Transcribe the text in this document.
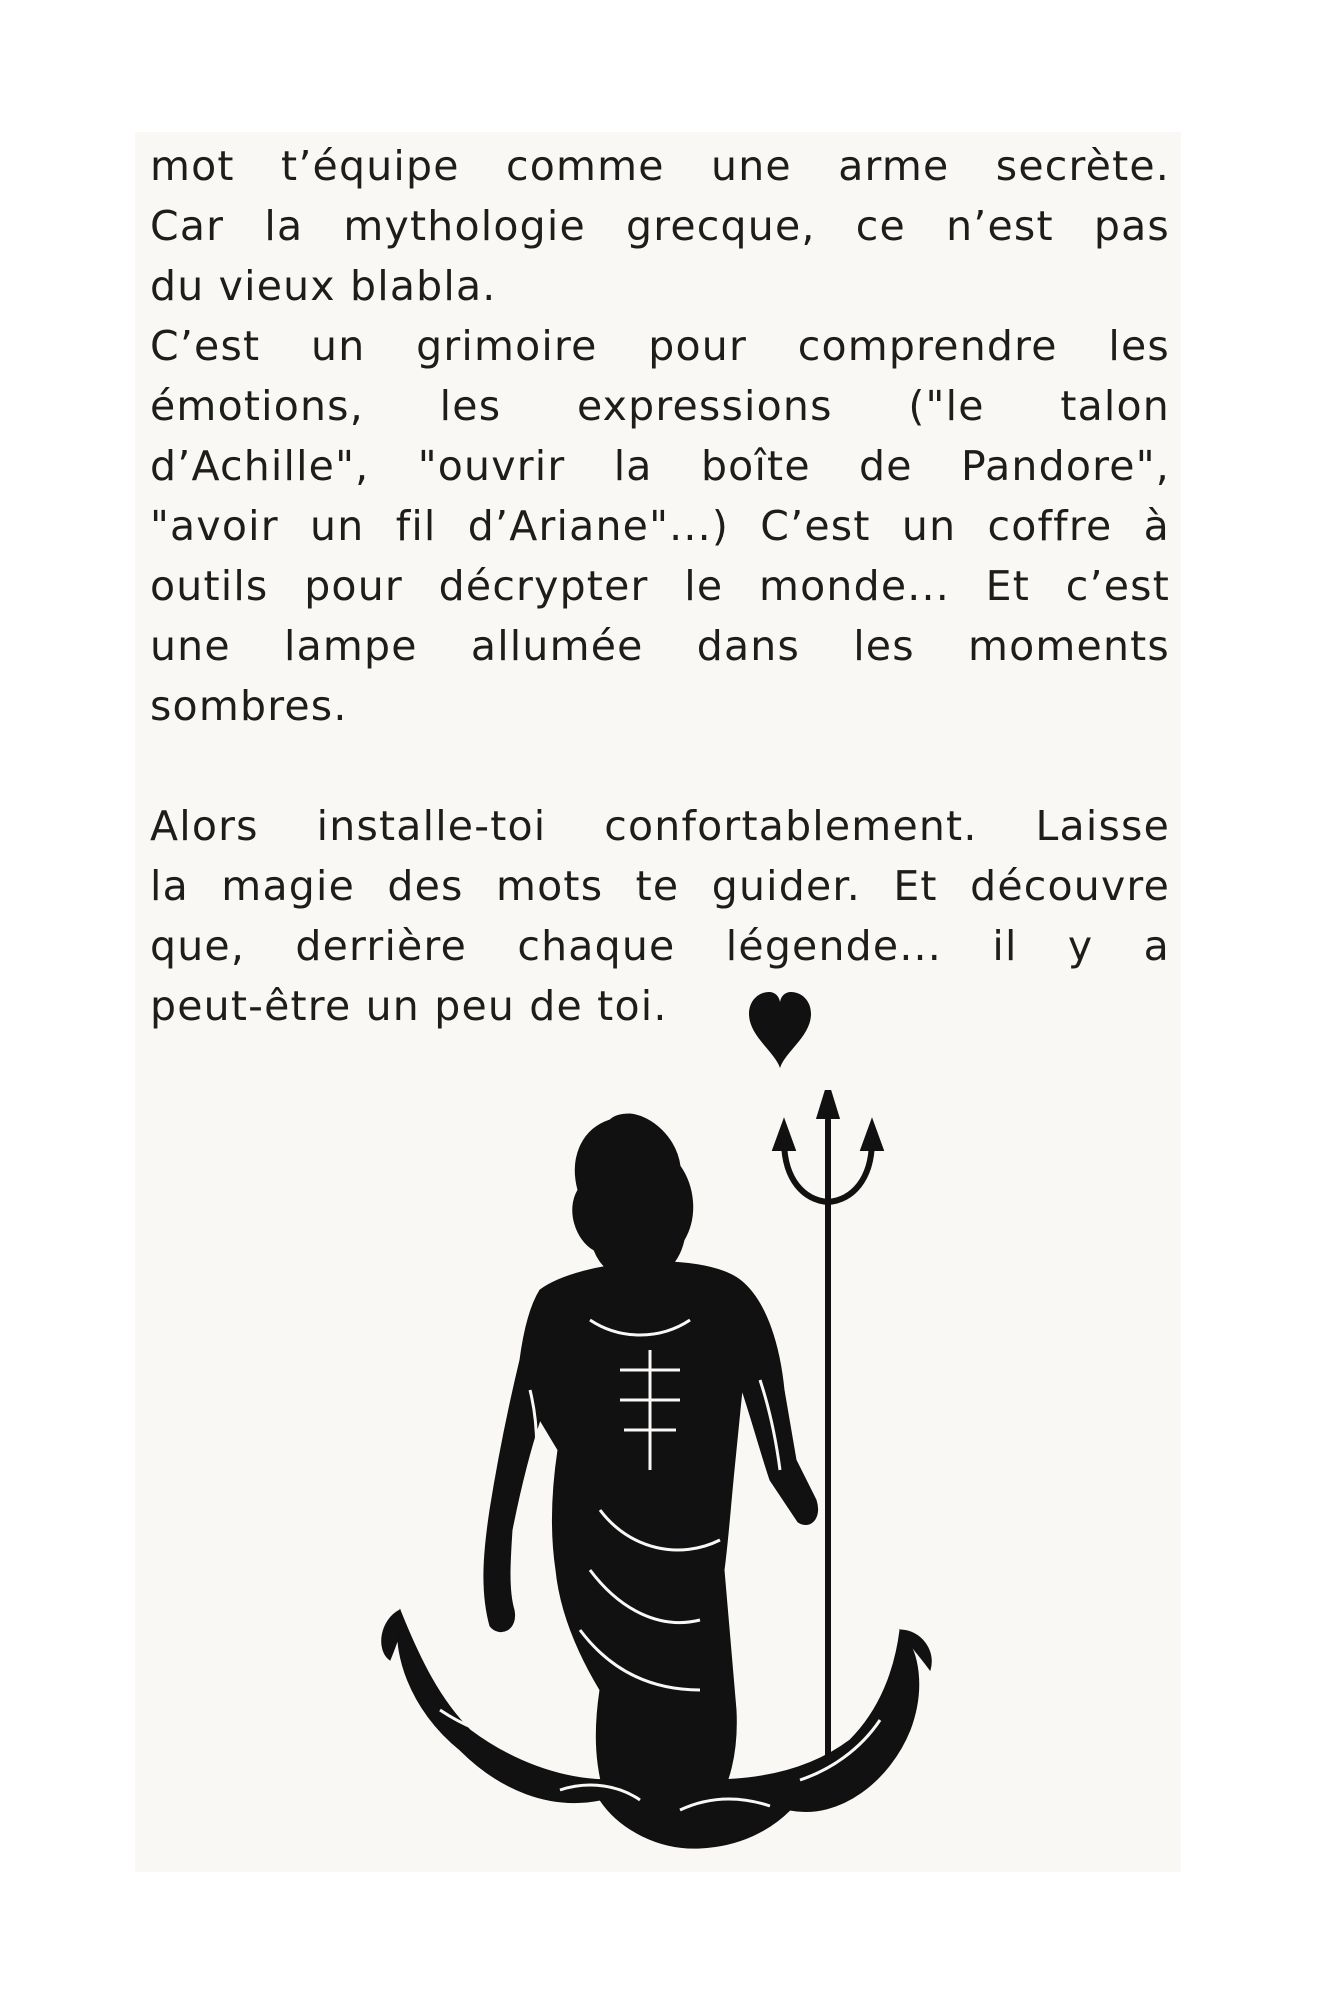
mot t’équipe comme une arme secrète.
Car la mythologie grecque, ce n’est pas
du vieux blabla.

C’est un grimoire pour comprendre les
émotions, les expressions ("le talon
d’Achille", "ouvrir la boîte de Pandore",
"avoir un fil d’Ariane"...) C’est un coffre à
outils pour décrypter le monde... Et c’est
une lampe allumée dans les moments
sombres.

Alors installe-toi confortablement. Laisse
la magie des mots te guider. Et découvre
que, derrière chaque légende... il y a
peut-être un peu de toi.
